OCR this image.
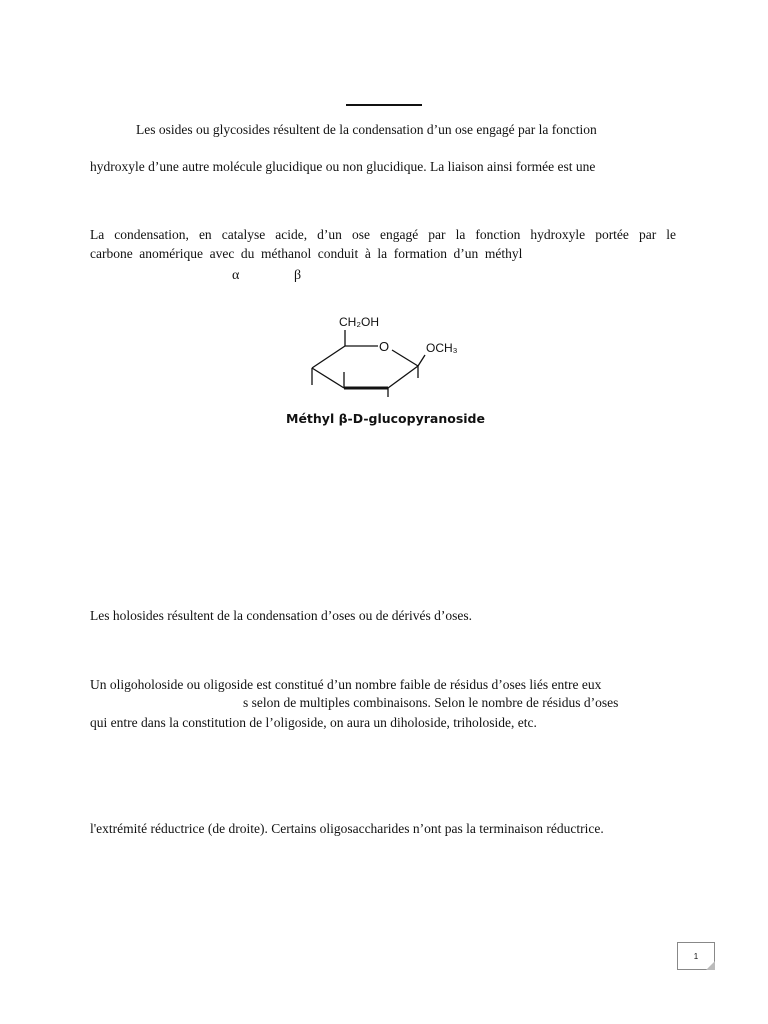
Les osides ou glycosides résultent de la condensation d’un ose engagé par la fonction
hydroxyle d’une autre molécule glucidique ou non glucidique. La liaison ainsi formée est une
La condensation, en catalyse acide, d’un ose engagé par la fonction hydroxyle portée par le
carbone anomérique avec du méthanol conduit à la formation d’un méthyl
α	β
CH₂OH
O	OCH₃
Méthyl β-D-glucopyranoside
Les holosides résultent de la condensation d’oses ou de dérivés d’oses.
Un oligoholoside ou oligoside est constitué d’un nombre faible de résidus d’oses liés entre eux
s selon de multiples combinaisons. Selon le nombre de résidus d’oses
qui entre dans la constitution de l’oligoside, on aura un diholoside, triholoside, etc.
l'extrémité réductrice (de droite). Certains oligosaccharides n’ont pas la terminaison réductrice.
1
